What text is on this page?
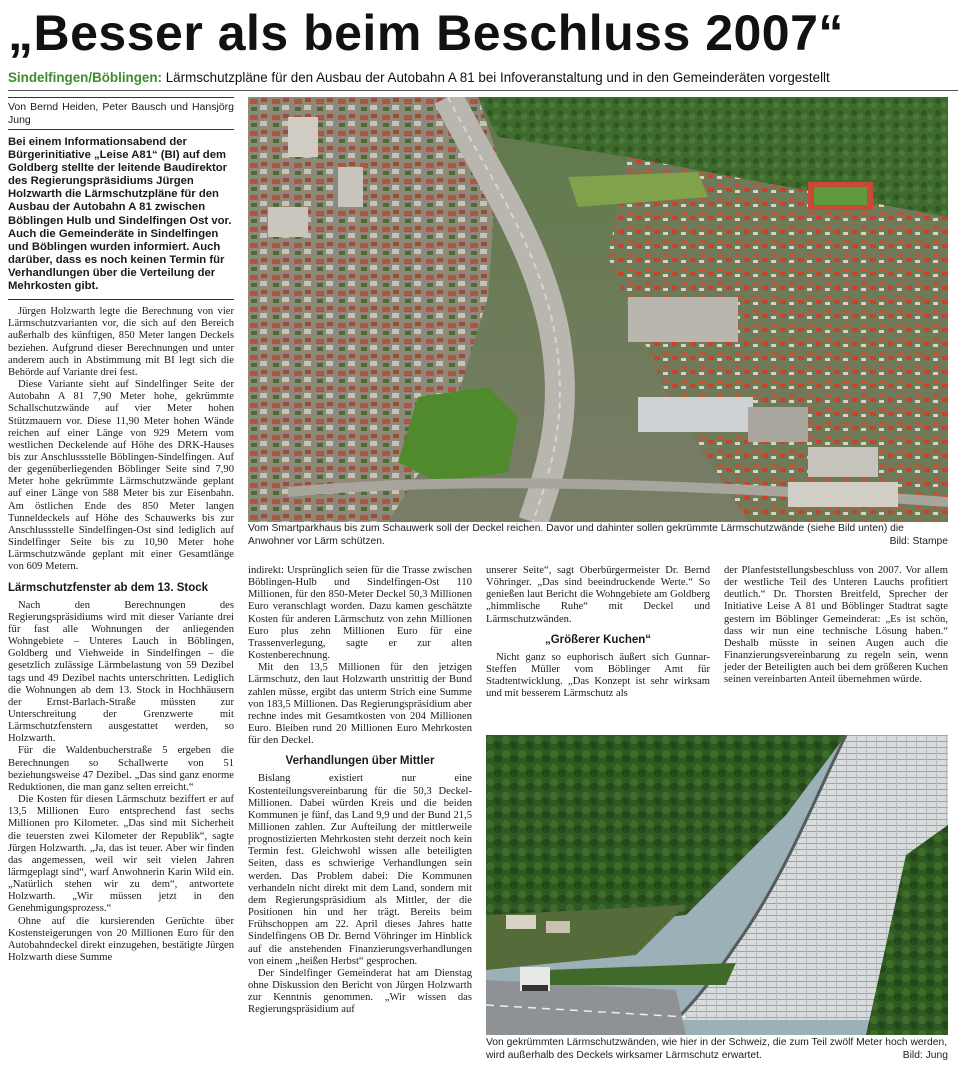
„Besser als beim Beschluss 2007“
Sindelfingen/Böblingen: Lärmschutzpläne für den Ausbau der Autobahn A 81 bei Infoveranstaltung und in den Gemeinderäten vorgestellt

Von Bernd Heiden, Peter Bausch und Hansjörg Jung

Bei einem Informationsabend der Bürgerinitiative „Leise A81“ (BI) auf dem Goldberg stellte der leitende Baudirektor des Regierungspräsidiums Jürgen Holzwarth die Lärmschutzpläne für den Ausbau der Autobahn A 81 zwischen Böblingen Hulb und Sindelfingen Ost vor. Auch die Gemeinderäte in Sindelfingen und Böblingen wurden informiert. Auch darüber, dass es noch keinen Termin für Verhandlungen über die Verteilung der Mehrkosten gibt.

Jürgen Holzwarth legte die Berechnung von vier Lärmschutzvarianten vor, die sich auf den Bereich außerhalb des künftigen, 850 Meter langen Deckels beziehen. Aufgrund dieser Berechnungen und unter anderem auch in Abstimmung mit BI legt sich die Behörde auf Variante drei fest.

Diese Variante sieht auf Sindelfinger Seite der Autobahn A 81 7,90 Meter hohe, gekrümmte Schallschutzwände auf vier Meter hohen Stützmauern vor. Diese 11,90 Meter hohen Wände reichen auf einer Länge von 929 Metern vom westlichen Deckelende auf Höhe des DRK-Hauses bis zur Anschlussstelle Böblingen-Sindelfingen. Auf der gegenüberliegenden Böblinger Seite sind 7,90 Meter hohe gekrümmte Lärmschutzwände geplant auf einer Länge von 588 Meter bis zur Eisenbahn. Am östlichen Ende des 850 Meter langen Tunneldeckels auf Höhe des Schauwerks bis zur Anschlussstelle Sindelfingen-Ost sind lediglich auf Sindelfinger Seite bis zu 10,90 Meter hohe Lärmschutzwände geplant mit einer Gesamtlänge von 609 Metern.

Lärmschutzfenster ab dem 13. Stock

Nach den Berechnungen des Regierungspräsidiums wird mit dieser Variante drei für fast alle Wohnungen der anliegenden Wohngebiete – Unteres Lauch in Böblingen, Goldberg und Viehweide in Sindelfingen – die gesetzlich zulässige Lärmbelastung von 59 Dezibel tags und 49 Dezibel nachts unterschritten. Lediglich die Wohnungen ab dem 13. Stock in Hochhäusern der Ernst-Barlach-Straße müssten zur Unterschreitung der Grenzwerte mit Lärmschutzfenstern ausgestattet werden, so Holzwarth.

Für die Waldenbucherstraße 5 ergeben die Berechnungen so Schallwerte von 51 beziehungsweise 47 Dezibel. „Das sind ganz enorme Reduktionen, die man ganz selten erreicht.“

Die Kosten für diesen Lärmschutz beziffert er auf 13,5 Millionen Euro entsprechend fast sechs Millionen pro Kilometer. „Das sind mit Sicherheit die teuersten zwei Kilometer der Republik“, sagte Jürgen Holzwarth. „Ja, das ist teuer. Aber wir finden das angemessen, weil wir seit vielen Jahren lärmgeplagt sind“, warf Anwohnerin Karin Wild ein. „Natürlich stehen wir zu dem“, antwortete Holzwarth. „Wir müssen jetzt in den Genehmigungsprozess.“

Ohne auf die kursierenden Gerüchte über Kostensteigerungen von 20 Millionen Euro für den Autobahndeckel direkt einzugehen, bestätigte Jürgen Holzwarth diese Summe

Vom Smartparkhaus bis zum Schauwerk soll der Deckel reichen. Davor und dahinter sollen gekrümmte Lärmschutzwände (siehe Bild unten) die Anwohner vor Lärm schützen.	Bild: Stampe

indirekt: Ursprünglich seien für die Trasse zwischen Böblingen-Hulb und Sindelfingen-Ost 110 Millionen, für den 850-Meter Deckel 50,3 Millionen Euro veranschlagt worden. Dazu kamen geschätzte Kosten für anderen Lärmschutz von zehn Millionen Euro plus zehn Millionen Euro für eine Trassenverlegung, sagte er zur alten Kostenberechnung.

Mit den 13,5 Millionen für den jetzigen Lärmschutz, den laut Holzwarth unstrittig der Bund zahlen müsse, ergibt das unterm Strich eine Summe von 183,5 Millionen. Das Regierungspräsidium aber rechne indes mit Gesamtkosten von 204 Millionen Euro. Bleiben rund 20 Millionen Euro Mehrkosten für den Deckel.

Verhandlungen über Mittler

Bislang existiert nur eine Kostenteilungsvereinbarung für die 50,3 Deckel-Millionen. Dabei würden Kreis und die beiden Kommunen je fünf, das Land 9,9 und der Bund 21,5 Millionen zahlen. Zur Aufteilung der mittlerweile prognostizierten Mehrkosten steht derzeit noch kein Termin fest. Gleichwohl wissen alle beteiligten Seiten, dass es schwierige Verhandlungen sein werden. Das Problem dabei: Die Kommunen verhandeln nicht direkt mit dem Land, sondern mit dem Regierungspräsidium als Mittler, der die Positionen hin und her trägt. Bereits beim Frühschoppen am 22. April dieses Jahres hatte Sindelfingens OB Dr. Bernd Vöhringer im Hinblick auf die anstehenden Finanzierungsverhandlungen von einem „heißen Herbst“ gesprochen.

Der Sindelfinger Gemeinderat hat am Dienstag ohne Diskussion den Bericht von Jürgen Holzwarth zur Kenntnis genommen. „Wir wissen das Regierungspräsidium auf

unserer Seite“, sagt Oberbürgermeister Dr. Bernd Vöhringer. „Das sind beeindruckende Werte.“ So genießen laut Bericht die Wohngebiete am Goldberg „himmlische Ruhe“ mit Deckel und Lärmschutzwänden.

„Größerer Kuchen“

Nicht ganz so euphorisch äußert sich Gunnar-Steffen Müller vom Böblinger Amt für Stadtentwicklung. „Das Konzept ist sehr wirksam und mit besserem Lärmschutz als

der Planfeststellungsbeschluss von 2007. Vor allem der westliche Teil des Unteren Lauchs profitiert deutlich.“ Dr. Thorsten Breitfeld, Sprecher der Initiative Leise A 81 und Böblinger Stadtrat sagte gestern im Böblinger Gemeinderat: „Es ist schön, dass wir nun eine technische Lösung haben.“ Deshalb müsste in seinen Augen auch die Finanzierungsvereinbarung zu regeln sein, wenn jeder der Beteiligten auch bei dem größeren Kuchen seinen vereinbarten Anteil übernehmen würde.

Von gekrümmten Lärmschutzwänden, wie hier in der Schweiz, die zum Teil zwölf Meter hoch werden, wird außerhalb des Deckels wirksamer Lärmschutz erwartet.	Bild: Jung
